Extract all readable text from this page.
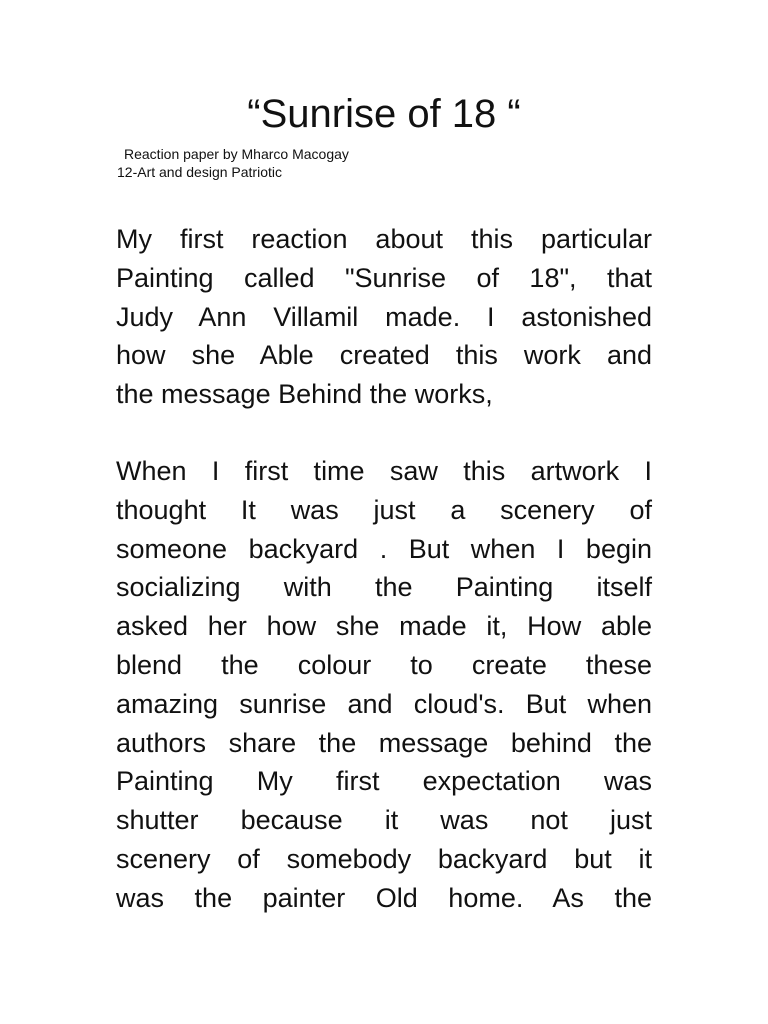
“Sunrise of 18 “
Reaction paper by Mharco Macogay
12-Art and design Patriotic
My first reaction about this particular
Painting called "Sunrise of 18", that
Judy Ann Villamil made. I astonished
how she Able created this work and
the message Behind the works,
When I first time saw this artwork I
thought It was just a scenery of
someone backyard . But when I begin
socializing with the Painting itself
asked her how she made it, How able
blend the colour to create these
amazing sunrise and cloud's. But when
authors share the message behind the
Painting My first expectation was
shutter because it was not just
scenery of somebody backyard but it
was the painter Old home. As the
